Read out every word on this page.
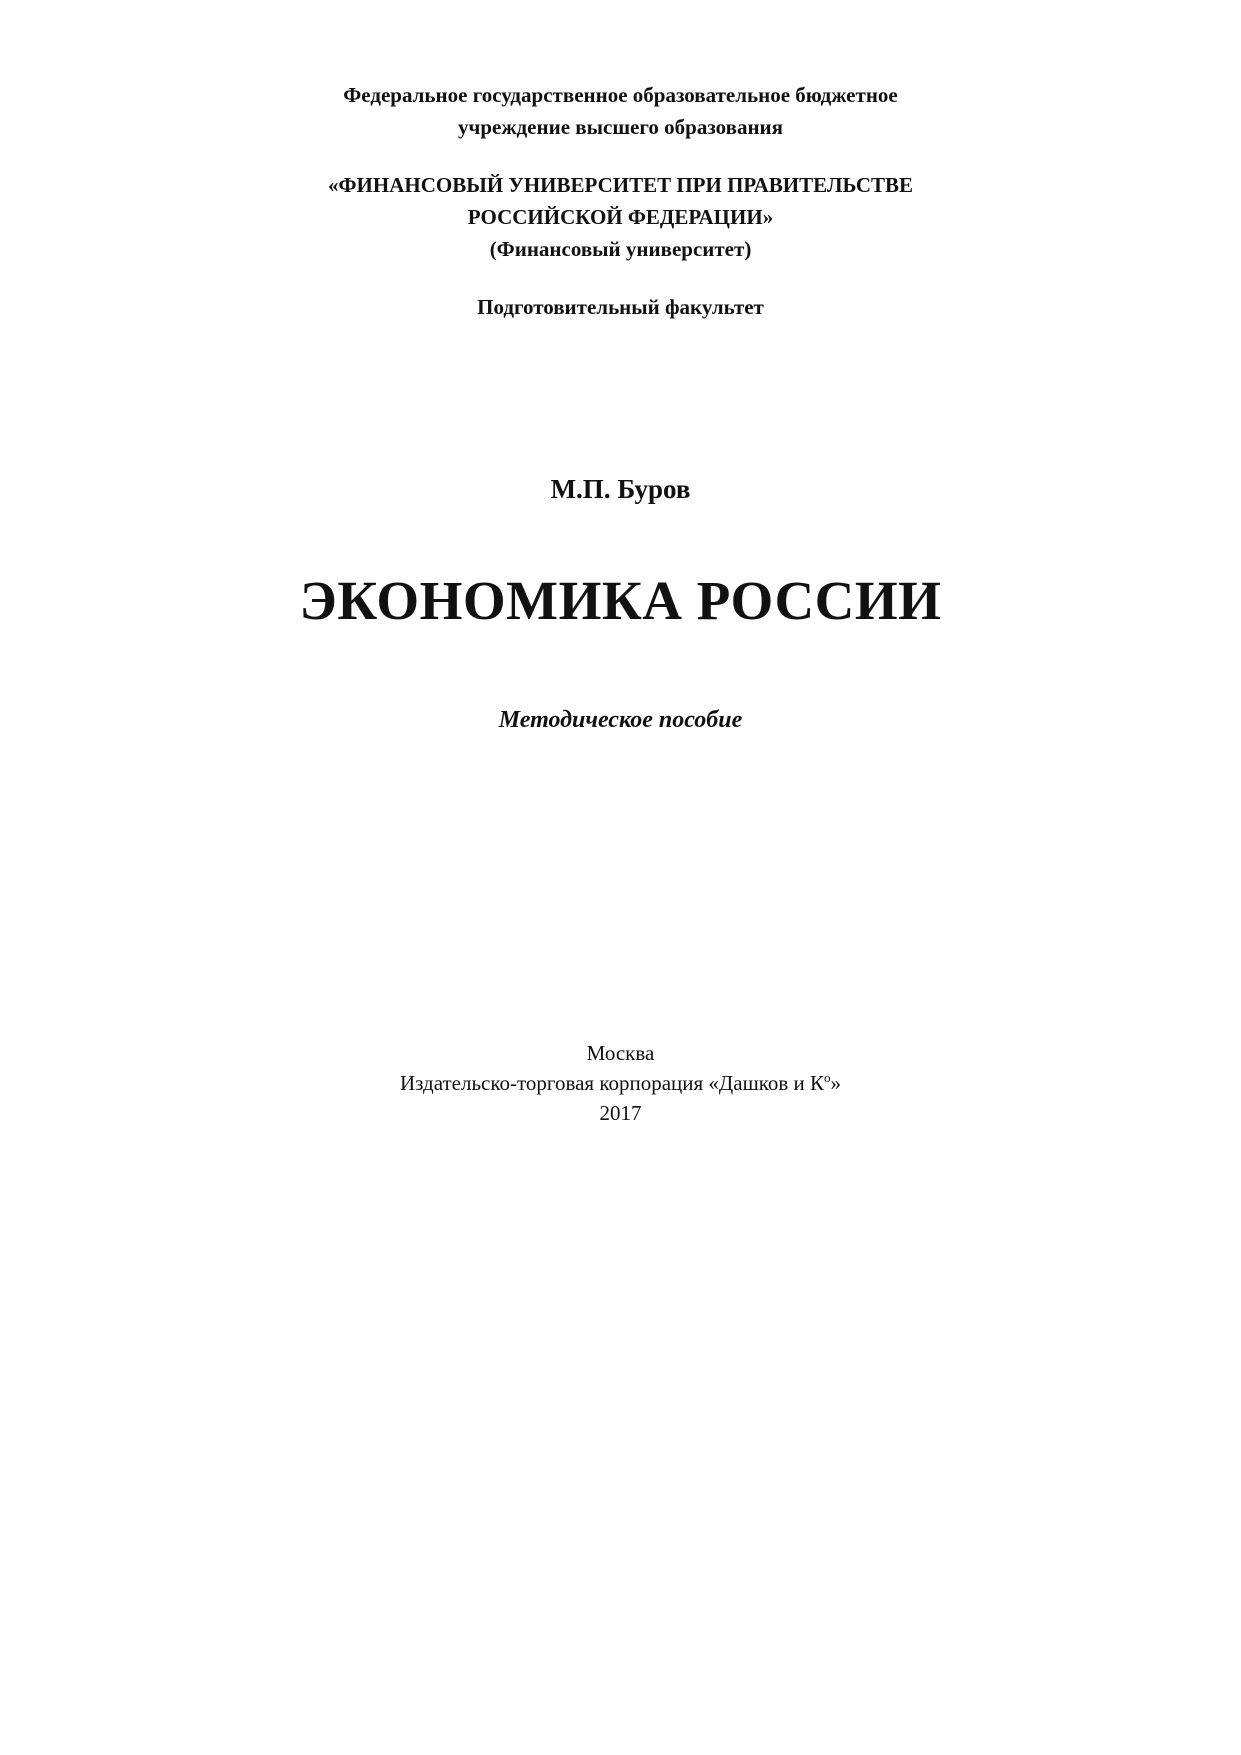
Федеральное государственное образовательное бюджетное
учреждение высшего образования
«ФИНАНСОВЫЙ УНИВЕРСИТЕТ ПРИ ПРАВИТЕЛЬСТВЕ
РОССИЙСКОЙ ФЕДЕРАЦИИ»
(Финансовый университет)
Подготовительный факультет
М.П. Буров
ЭКОНОМИКА РОССИИ
Методическое пособие
Москва
Издательско-торговая корпорация «Дашков и $К^о$»
2017
